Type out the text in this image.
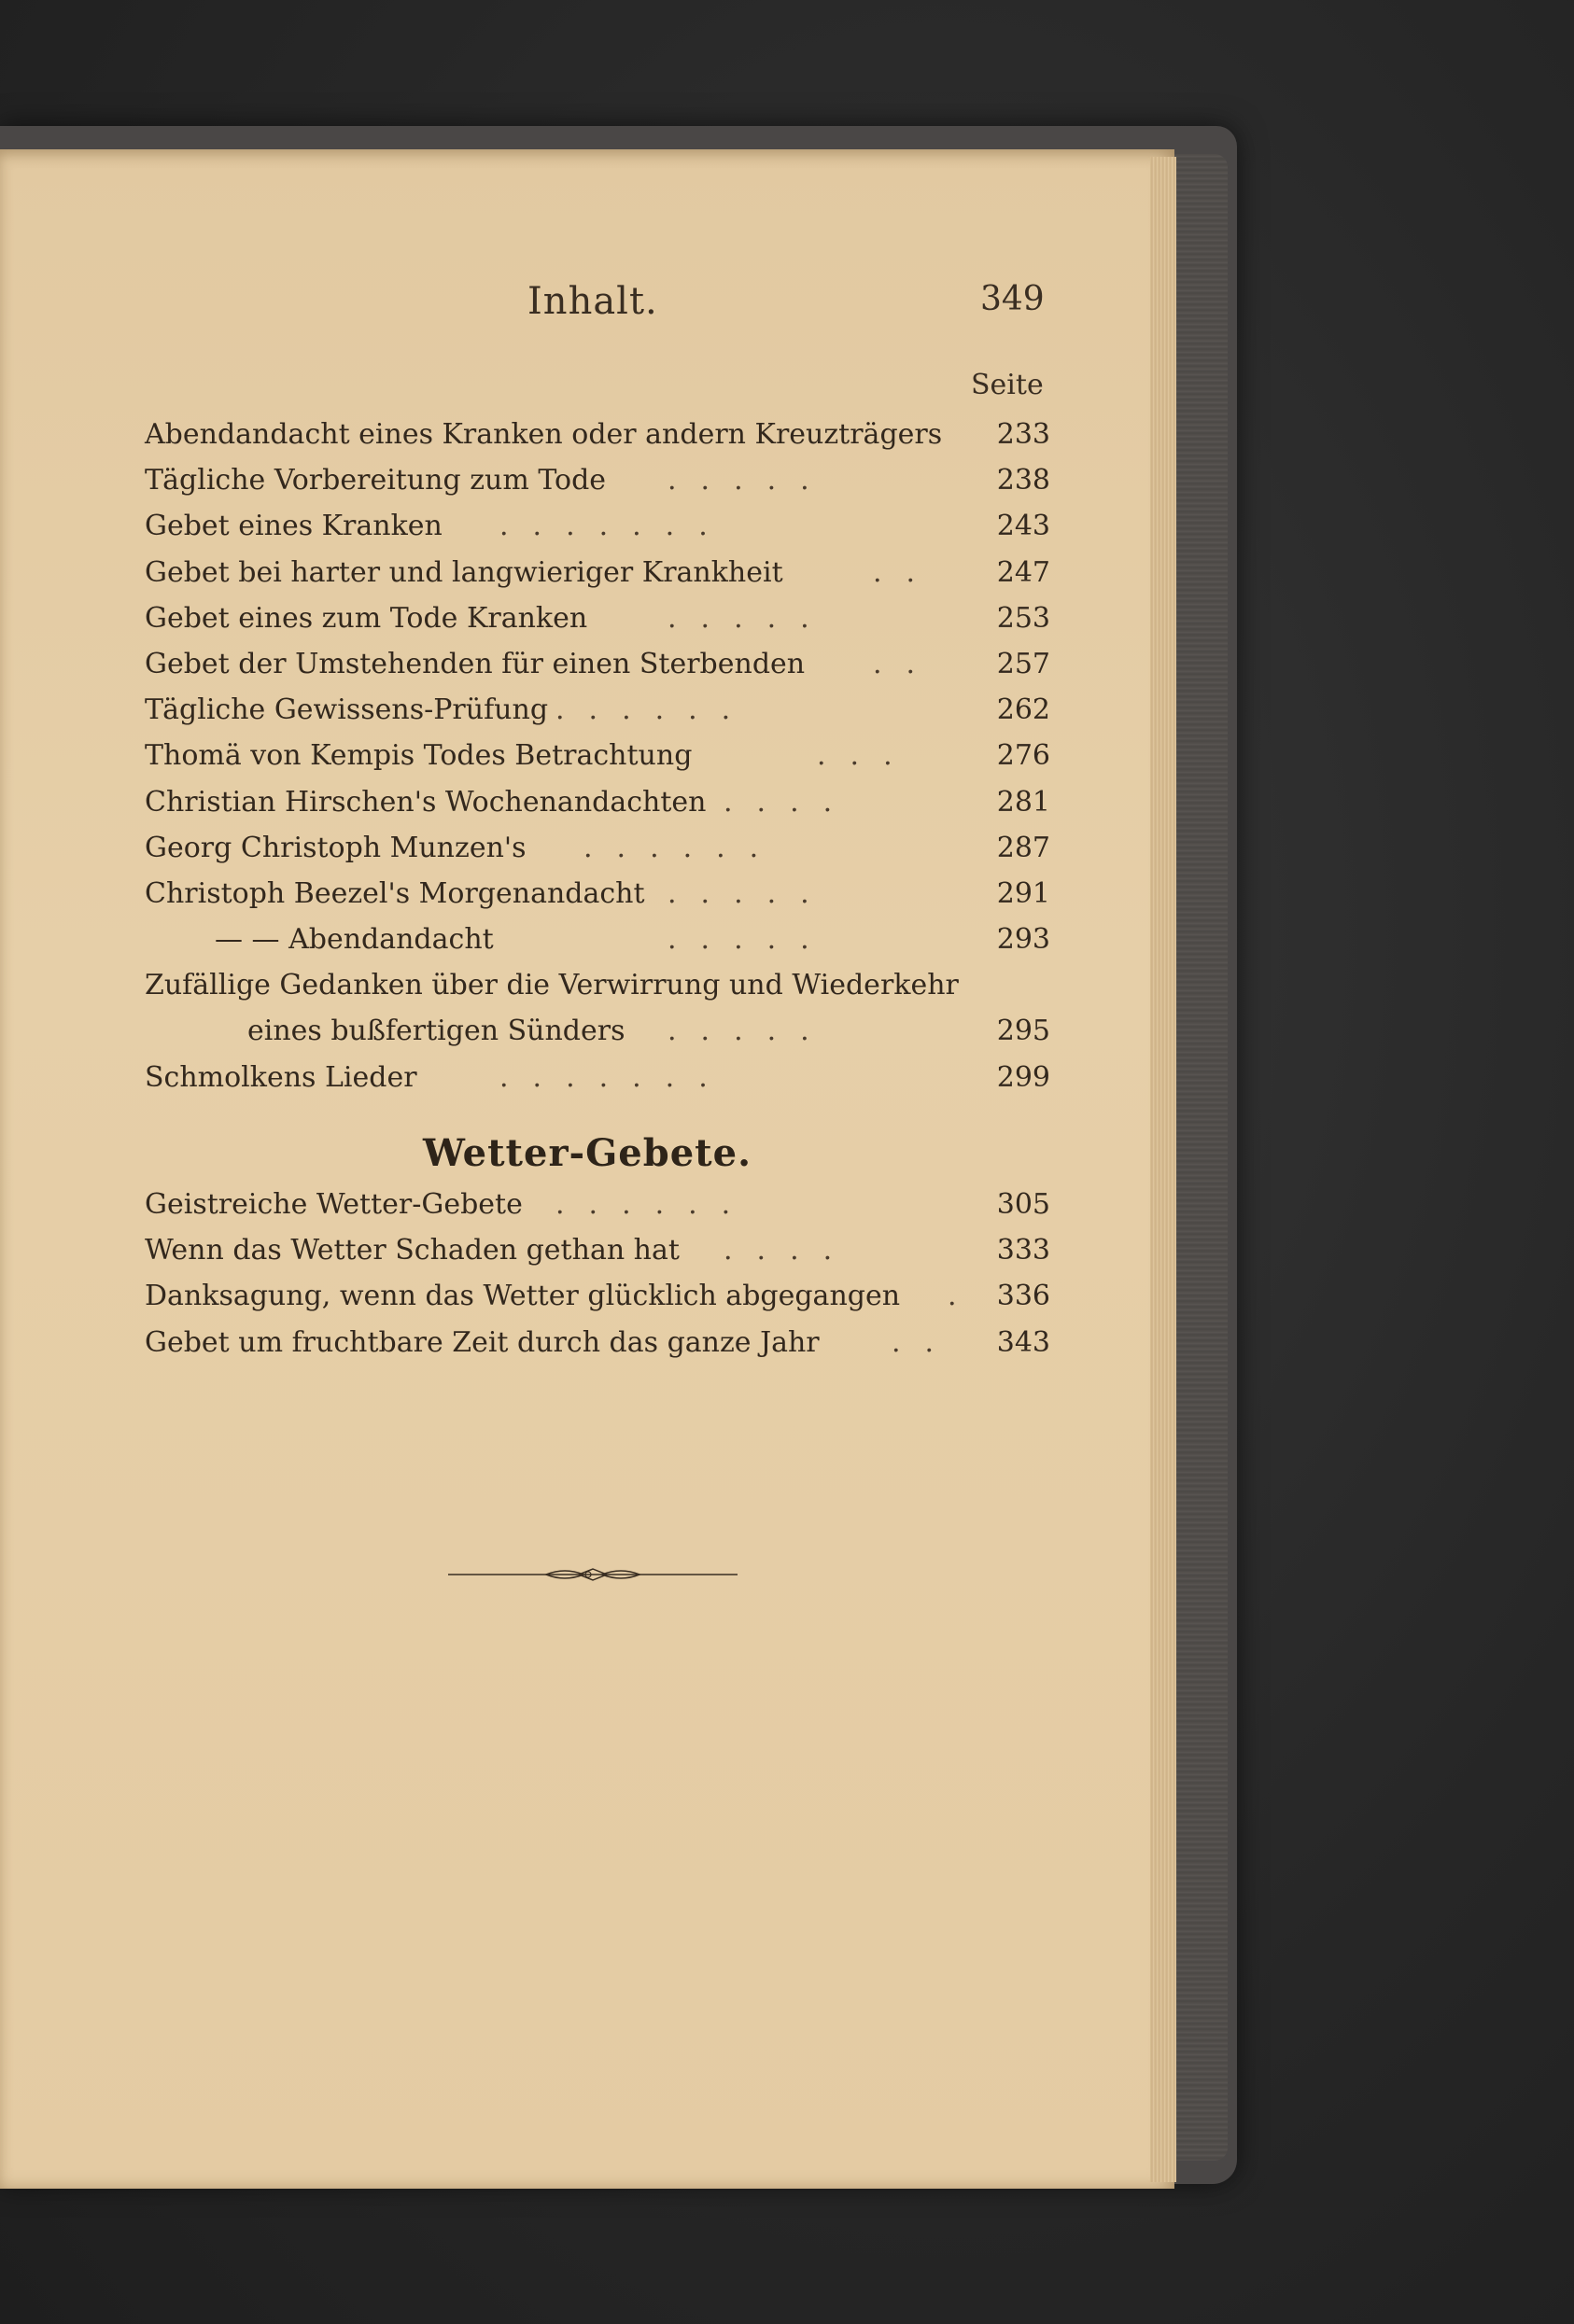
Inhalt.	349
Seite
Abendandacht eines Kranken oder andern Kreuzträgers	233
Tägliche Vorbereitung zum Tode .....	238
Gebet eines Kranken .......	243
Gebet bei harter und langwieriger Krankheit	..	247
Gebet eines zum Tode Kranken	.....	253
Gebet der Umstehenden für einen Sterbenden ..	257
Tägliche Gewissens-Prüfung ......	262
Thomä von Kempis Todes Betrachtung	...	276
Christian Hirschen's Wochenandachten ....	281
Georg Christoph Munzen's ......	287
Christoph Beezel's Morgenandacht .....	291
— — Abendandacht	.....	293
Zufällige Gedanken über die Verwirrung und Wiederkehr
eines bußfertigen Sünders .....	295
Schmolkens Lieder	.......	299
Wetter-Gebete.
Geistreiche Wetter-Gebete ......	305
Wenn das Wetter Schaden gethan hat ....	333
Danksagung, wenn das Wetter glücklich abgegangen . 336
Gebet um fruchtbare Zeit durch das ganze Jahr	..	343
